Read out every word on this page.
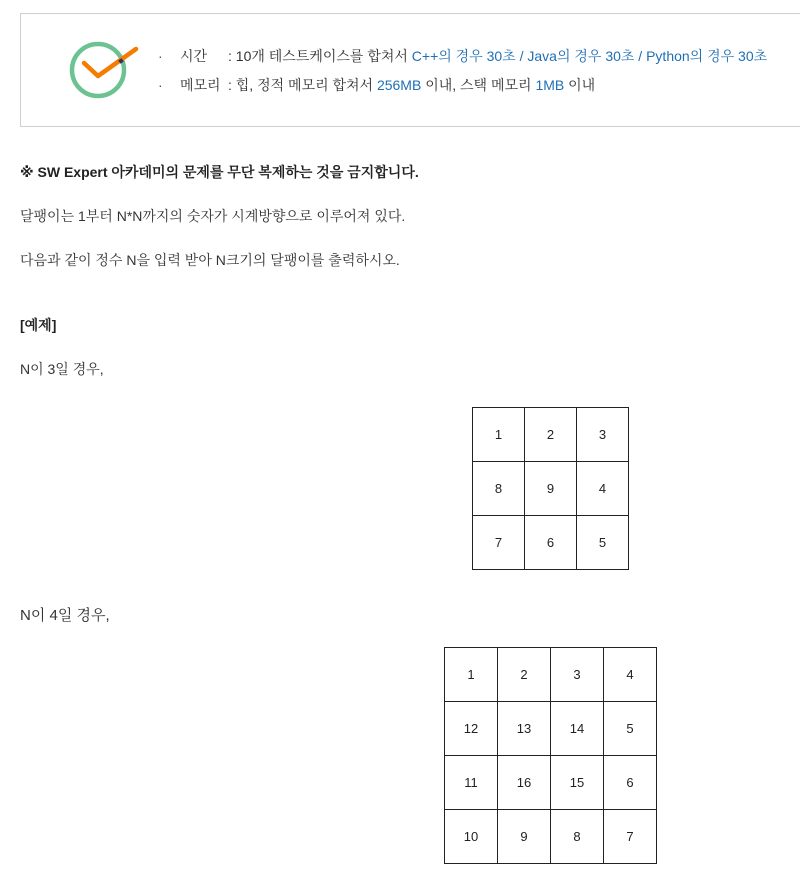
·	시간	: 10개 테스트케이스를 합쳐서 C++의 경우 30초 / Java의 경우 30초 / Python의 경우 30초
·	메모리 : 힙, 정적 메모리 합쳐서 256MB 이내, 스택 메모리 1MB 이내
※ SW Expert 아카데미의 문제를 무단 복제하는 것을 금지합니다.
달팽이는 1부터 N*N까지의 숫자가 시계방향으로 이루어져 있다.
다음과 같이 정수 N을 입력 받아 N크기의 달팽이를 출력하시오.
[예제]
N이 3일 경우,
1	2	3
8	9	4
7	6	5
N이 4일 경우,
1	2	3	4
12	13	14	5
11	16	15	6
10	9	8	7
